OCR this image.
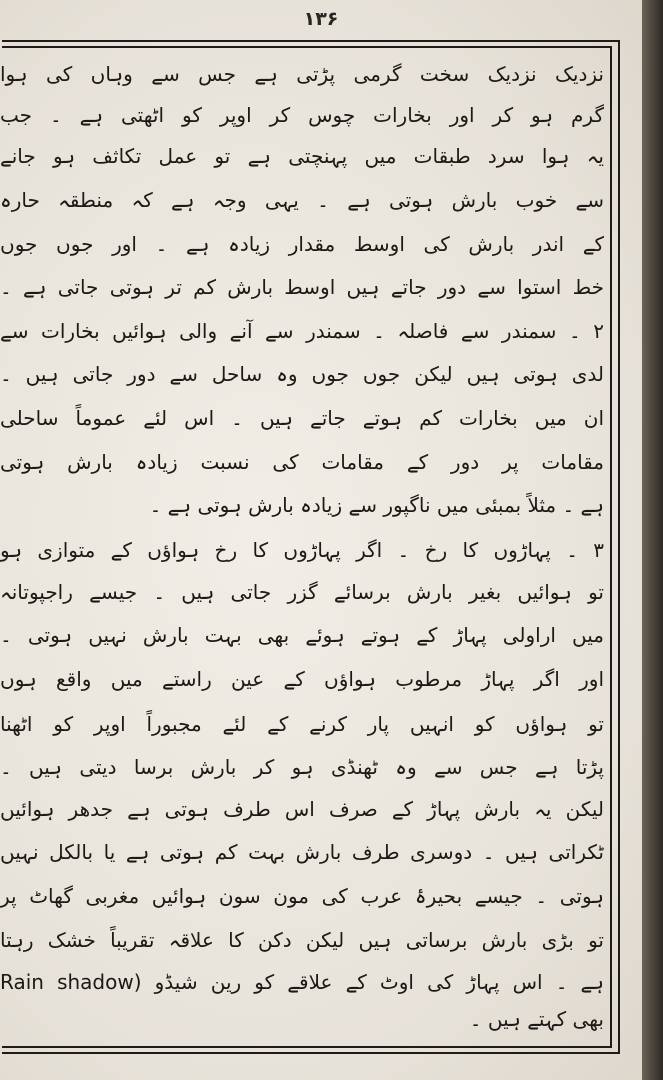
۱۳۶
نزدیک نزدیک سخت گرمی پڑتی ہے جس سے وہاں کی ہوا
گرم ہو کر اور بخارات چوس کر اوپر کو اٹھتی ہے ۔ جب
یہ ہوا سرد طبقات میں پہنچتی ہے تو عمل تکاثف ہو جانے
سے خوب بارش ہوتی ہے ۔ یہی وجہ ہے کہ منطقہ حارہ
کے اندر بارش کی اوسط مقدار زیادہ ہے ۔ اور جوں جوں
خط استوا سے دور جاتے ہیں اوسط بارش کم تر ہوتی جاتی ہے ۔
۲ ۔ سمندر سے فاصلہ ۔ سمندر سے آنے والی ہوائیں بخارات سے
لدی ہوتی ہیں لیکن جوں جوں وہ ساحل سے دور جاتی ہیں ۔
ان میں بخارات کم ہوتے جاتے ہیں ۔ اس لئے عموماً ساحلی
مقامات پر دور کے مقامات کی نسبت زیادہ بارش ہوتی
ہے ۔ مثلاً بمبئی میں ناگپور سے زیادہ بارش ہوتی ہے ۔
۳ ۔ پہاڑوں کا رخ ۔ اگر پہاڑوں کا رخ ہواؤں کے متوازی ہو
تو ہوائیں بغیر بارش برسائے گزر جاتی ہیں ۔ جیسے راجپوتانہ
میں اراولی پہاڑ کے ہوتے ہوئے بھی بہت بارش نہیں ہوتی ۔
اور اگر پہاڑ مرطوب ہواؤں کے عین راستے میں واقع ہوں
تو ہواؤں کو انہیں پار کرنے کے لئے مجبوراً اوپر کو اٹھنا
پڑتا ہے جس سے وہ ٹھنڈی ہو کر بارش برسا دیتی ہیں ۔
لیکن یہ بارش پہاڑ کے صرف اس طرف ہوتی ہے جدھر ہوائیں
ٹکراتی ہیں ۔ دوسری طرف بارش بہت کم ہوتی ہے یا بالکل نہیں
ہوتی ۔ جیسے بحیرۂ عرب کی مون سون ہوائیں مغربی گھاٹ پر
تو بڑی بارش برساتی ہیں لیکن دکن کا علاقہ تقریباً خشک رہتا
ہے ۔ اس پہاڑ کی اوٹ کے علاقے کو رین شیڈو (Rain shadow
بھی کہتے ہیں ۔
